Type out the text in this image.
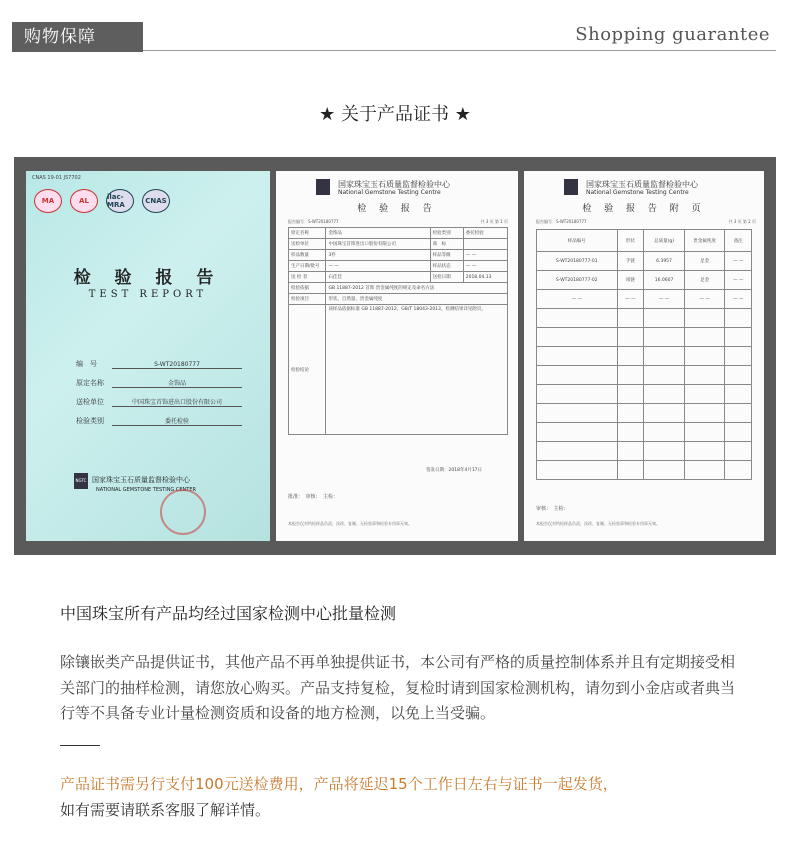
购物保障	Shopping guarantee
★ 关于产品证书 ★
CNAS 19-01 JS7702
MA	AL	ilac-MRA	CNAS
检 验 报 告
TEST REPORT
编　号	S-WT20180777
原定名称	金饰品
送检单位	中国珠宝首饰进出口股份有限公司
检验类别	委托检验
NGTC 国家珠宝玉石质量监督检验中心
NATIONAL GEMSTONE TESTING CENTER
国家珠宝玉石质量监督检验中心
National Gemstone Testing Centre
检 验 报 告
报告编号：S-WT20180777	共 3 页 第 1 页
原定名称	金饰品	检验类别	委托检验
送检单位	中国珠宝首饰进出口股份有限公司	商　标	
样品数量	3件	样品等级	— —
生产日期/批号	— —	样品状态	— —
送 检 者	石佳佳	送检日期	2018.04.13
检验依据	GB 11887-2012 首饰 贵金属纯度的规定及命名方法		
检验项目	形状、自然量、贵金属纯度		
检验结论	该样品依据标准 GB 11887-2012、GB/T 18043-2013，检测结果详见附页。		
签发日期：2018年4月17日
批准：　审核：　主检：
本报告仅对所检样品负责，涂改、复制、无检验章和检验专用章无效。
国家珠宝玉石质量监督检验中心
National Gemstone Testing Centre
检 验 报 告 附 页
报告编号：S-WT20180777	共 3 页 第 2 页
样品编号	形状	总质量(g)	贵金属纯度	备注
S-WT20180777-01	手链	6.3957	足金	— —
S-WT20180777-02	项链	16.0607	足金	— —
— —	— —	— —	— —	— —

审核：　主检：
本报告仅对所检样品负责，涂改、复制、无检验章和检验专用章无效。
中国珠宝所有产品均经过国家检测中心批量检测
除镶嵌类产品提供证书，其他产品不再单独提供证书，本公司有严格的质量控制体系并且有定期接受相关部门的抽样检测，请您放心购买。产品支持复检，复检时请到国家检测机构，请勿到小金店或者典当行等不具备专业计量检测资质和设备的地方检测，以免上当受骗。
产品证书需另行支付100元送检费用，产品将延迟15个工作日左右与证书一起发货，
如有需要请联系客服了解详情。
